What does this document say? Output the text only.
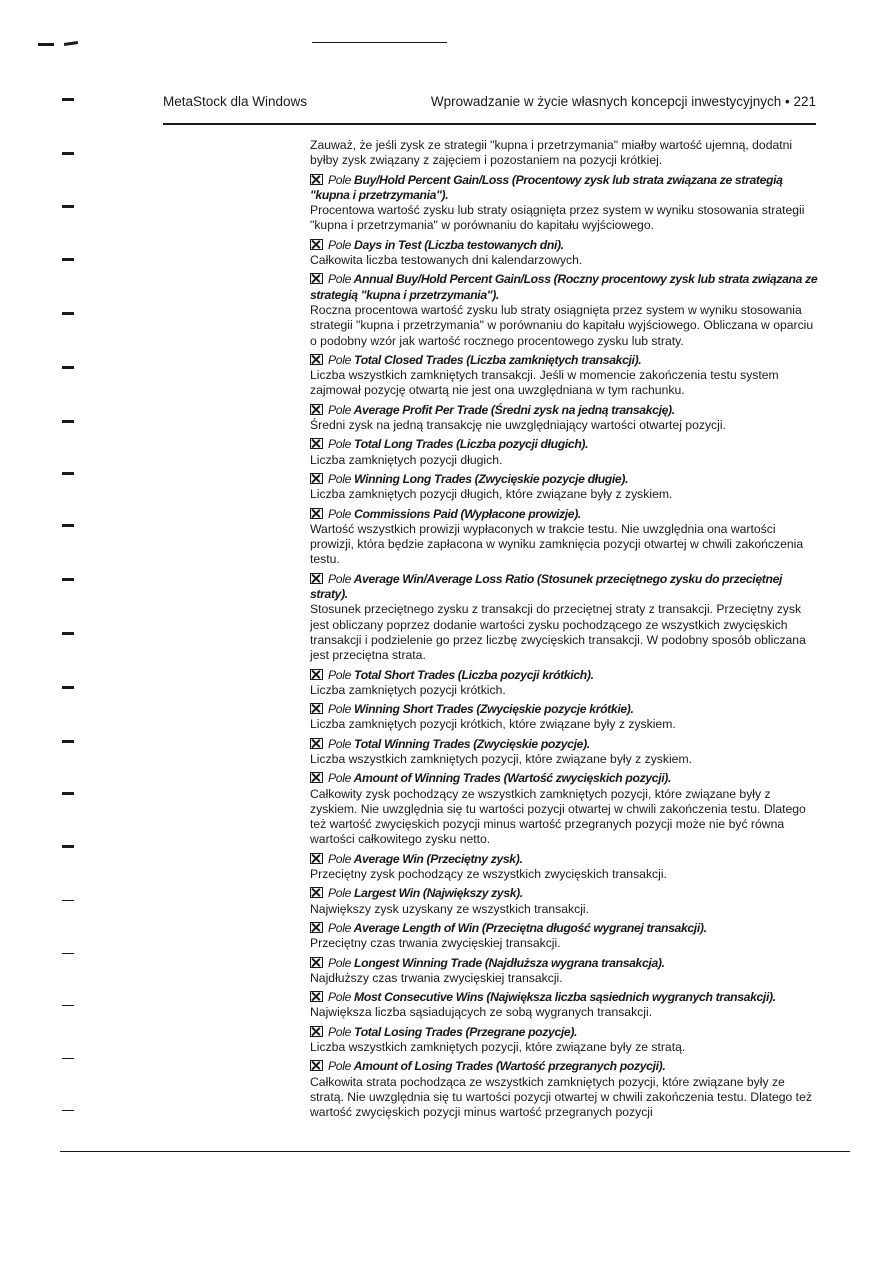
MetaStock dla Windows	Wprowadzanie w życie własnych koncepcji inwestycyjnych • 221
Zauważ, że jeśli zysk ze strategii "kupna i przetrzymania" miałby wartość ujemną, dodatni byłby zysk związany z zajęciem i pozostaniem na pozycji krótkiej.
Pole Buy/Hold Percent Gain/Loss (Procentowy zysk lub strata związana ze strategią "kupna i przetrzymania").
Procentowa wartość zysku lub straty osiągnięta przez system w wyniku stosowania strategii "kupna i przetrzymania" w porównaniu do kapitału wyjściowego.
Pole Days in Test (Liczba testowanych dni).
Całkowita liczba testowanych dni kalendarzowych.
Pole Annual Buy/Hold Percent Gain/Loss (Roczny procentowy zysk lub strata związana ze strategią "kupna i przetrzymania").
Roczna procentowa wartość zysku lub straty osiągnięta przez system w wyniku stosowania strategii "kupna i przetrzymania" w porównaniu do kapitału wyjściowego. Obliczana w oparciu o podobny wzór jak wartość rocznego procentowego zysku lub straty.
Pole Total Closed Trades (Liczba zamkniętych transakcji).
Liczba wszystkich zamkniętych transakcji. Jeśli w momencie zakończenia testu system zajmował pozycję otwartą nie jest ona uwzględniana w tym rachunku.
Pole Average Profit Per Trade (Średni zysk na jedną transakcję).
Średni zysk na jedną transakcję nie uwzględniający wartości otwartej pozycji.
Pole Total Long Trades (Liczba pozycji długich).
Liczba zamkniętych pozycji długich.
Pole Winning Long Trades (Zwycięskie pozycje długie).
Liczba zamkniętych pozycji długich, które związane były z zyskiem.
Pole Commissions Paid (Wypłacone prowizje).
Wartość wszystkich prowizji wypłaconych w trakcie testu. Nie uwzględnia ona wartości prowizji, która będzie zapłacona w wyniku zamknięcia pozycji otwartej w chwili zakończenia testu.
Pole Average Win/Average Loss Ratio (Stosunek przeciętnego zysku do przeciętnej straty).
Stosunek przeciętnego zysku z transakcji do przeciętnej straty z transakcji. Przeciętny zysk jest obliczany poprzez dodanie wartości zysku pochodzącego ze wszystkich zwycięskich transakcji i podzielenie go przez liczbę zwycięskich transakcji. W podobny sposób obliczana jest przeciętna strata.
Pole Total Short Trades (Liczba pozycji krótkich).
Liczba zamkniętych pozycji krótkich.
Pole Winning Short Trades (Zwycięskie pozycje krótkie).
Liczba zamkniętych pozycji krótkich, które związane były z zyskiem.
Pole Total Winning Trades (Zwycięskie pozycje).
Liczba wszystkich zamkniętych pozycji, które związane były z zyskiem.
Pole Amount of Winning Trades (Wartość zwycięskich pozycji).
Całkowity zysk pochodzący ze wszystkich zamkniętych pozycji, które związane były z zyskiem. Nie uwzględnia się tu wartości pozycji otwartej w chwili zakończenia testu. Dlatego też wartość zwycięskich pozycji minus wartość przegranych pozycji może nie być równa wartości całkowitego zysku netto.
Pole Average Win (Przeciętny zysk).
Przeciętny zysk pochodzący ze wszystkich zwycięskich transakcji.
Pole Largest Win (Największy zysk).
Największy zysk uzyskany ze wszystkich transakcji.
Pole Average Length of Win (Przeciętna długość wygranej transakcji).
Przeciętny czas trwania zwycięskiej transakcji.
Pole Longest Winning Trade (Najdłuższa wygrana transakcja).
Najdłuższy czas trwania zwycięskiej transakcji.
Pole Most Consecutive Wins (Największa liczba sąsiednich wygranych transakcji).
Największa liczba sąsiadujących ze sobą wygranych transakcji.
Pole Total Losing Trades (Przegrane pozycje).
Liczba wszystkich zamkniętych pozycji, które związane były ze stratą.
Pole Amount of Losing Trades (Wartość przegranych pozycji).
Całkowita strata pochodząca ze wszystkich zamkniętych pozycji, które związane były ze stratą. Nie uwzględnia się tu wartości pozycji otwartej w chwili zakończenia testu. Dlatego też wartość zwycięskich pozycji minus wartość przegranych pozycji
